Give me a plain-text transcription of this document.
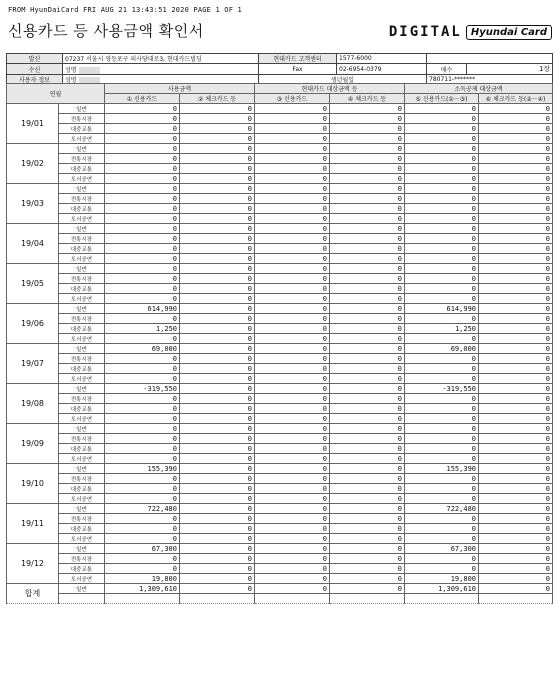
FROM HyunDaiCard FRI AUG 21 13:43:51 2020 PAGE 1 OF 1
신용카드 등 사용금액 확인서	DIGITAL Hyundai Card
발신	07237 서울시 영등포구 의사당대로3, 현대카드빌딩	현대카드 고객센터	1577-6000		
수신	성명	Fax	02-6954-0379	매수	1장
사용자 정보	성명	생년월일		780711-*******	
연월		사용금액		현대카드 대상금액 등		소득공제 대상금액	
		① 신용카드	② 체크카드 등	③ 신용카드	④ 체크카드 등	⑤ 신용카드(①－③)	⑥ 체크카드 등(②－④)
19/01	일반	0	0	0	0	0	0
	전통시장	0	0	0	0	0	0
	대중교통	0	0	0	0	0	0
	도서공연	0	0	0	0	0	0
19/02	일반	0	0	0	0	0	0
	전통시장	0	0	0	0	0	0
	대중교통	0	0	0	0	0	0
	도서공연	0	0	0	0	0	0
19/03	일반	0	0	0	0	0	0
	전통시장	0	0	0	0	0	0
	대중교통	0	0	0	0	0	0
	도서공연	0	0	0	0	0	0
19/04	일반	0	0	0	0	0	0
	전통시장	0	0	0	0	0	0
	대중교통	0	0	0	0	0	0
	도서공연	0	0	0	0	0	0
19/05	일반	0	0	0	0	0	0
	전통시장	0	0	0	0	0	0
	대중교통	0	0	0	0	0	0
	도서공연	0	0	0	0	0	0
19/06	일반	614,990	0	0	0	614,990	0
	전통시장	0	0	0	0	0	0
	대중교통	1,250	0	0	0	1,250	0
	도서공연	0	0	0	0	0	0
19/07	일반	69,000	0	0	0	69,000	0
	전통시장	0	0	0	0	0	0
	대중교통	0	0	0	0	0	0
	도서공연	0	0	0	0	0	0
19/08	일반	-319,550	0	0	0	-319,550	0
	전통시장	0	0	0	0	0	0
	대중교통	0	0	0	0	0	0
	도서공연	0	0	0	0	0	0
19/09	일반	0	0	0	0	0	0
	전통시장	0	0	0	0	0	0
	대중교통	0	0	0	0	0	0
	도서공연	0	0	0	0	0	0
19/10	일반	155,390	0	0	0	155,390	0
	전통시장	0	0	0	0	0	0
	대중교통	0	0	0	0	0	0
	도서공연	0	0	0	0	0	0
19/11	일반	722,480	0	0	0	722,480	0
	전통시장	0	0	0	0	0	0
	대중교통	0	0	0	0	0	0
	도서공연	0	0	0	0	0	0
19/12	일반	67,300	0	0	0	67,300	0
	전통시장	0	0	0	0	0	0
	대중교통	0	0	0	0	0	0
	도서공연	19,800	0	0	0	19,800	0
합계	일반	1,309,610	0	0	0	1,309,610	0
